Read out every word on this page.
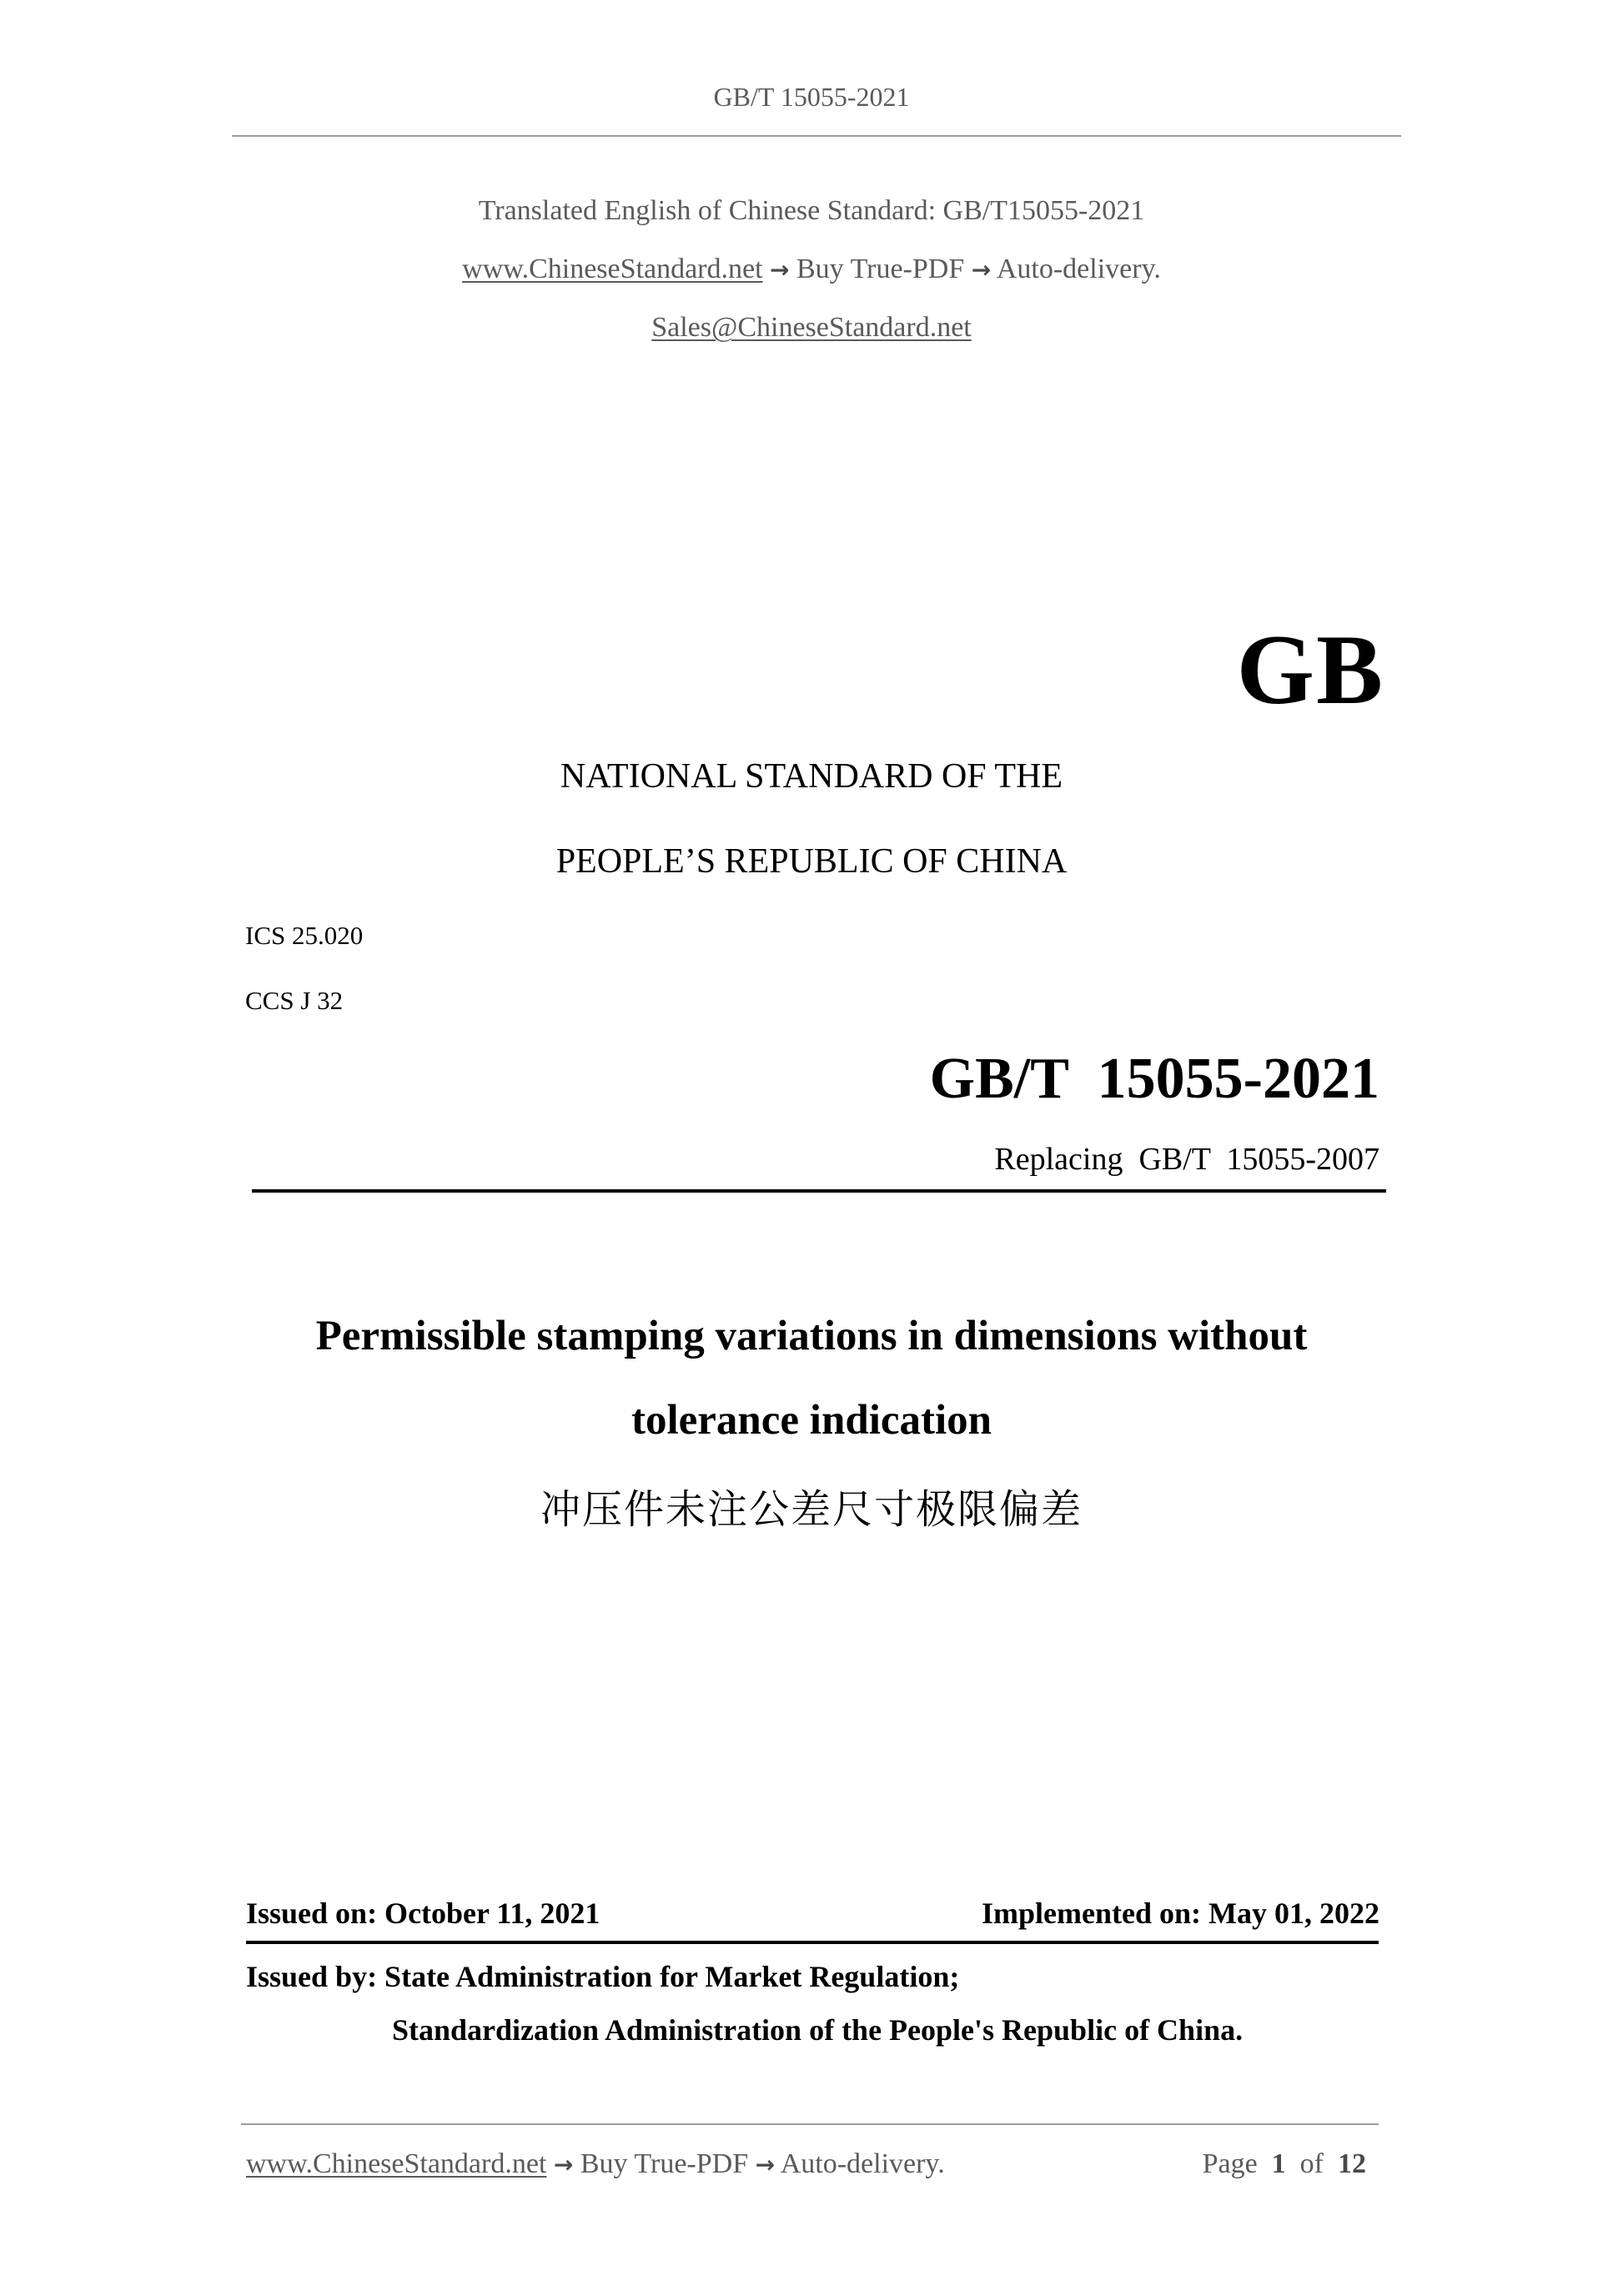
GB/T 15055-2021
Translated English of Chinese Standard: GB/T15055-2021
www.ChineseStandard.net → Buy True-PDF → Auto-delivery.
Sales@ChineseStandard.net
GB
NATIONAL STANDARD OF THE
PEOPLE’S REPUBLIC OF CHINA
ICS 25.020
CCS J 32
GB/T  15055-2021
Replacing  GB/T  15055-2007
Permissible stamping variations in dimensions without
tolerance indication
冲压件未注公差尺寸极限偏差
Issued on: October 11, 2021	Implemented on: May 01, 2022
Issued by: State Administration for Market Regulation;
Standardization Administration of the People's Republic of China.
www.ChineseStandard.net → Buy True-PDF → Auto-delivery.	Page 1 of 12
